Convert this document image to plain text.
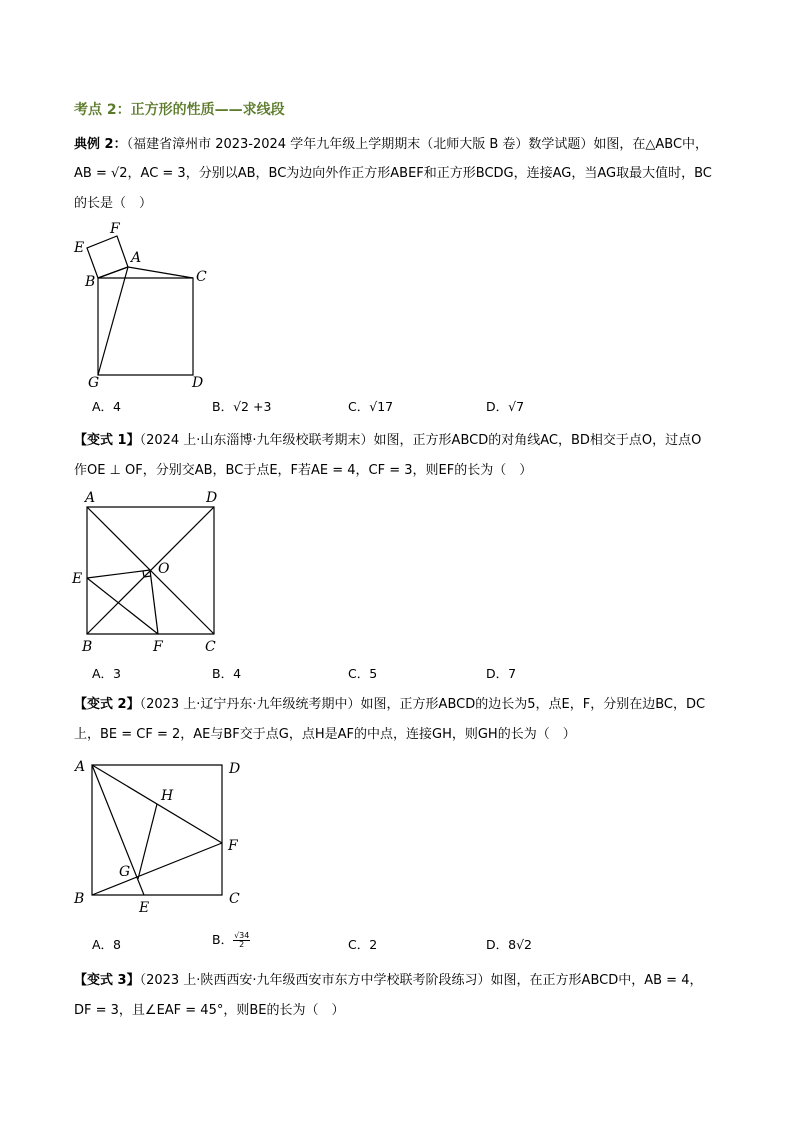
考点 2：正方形的性质——求线段
典例 2：（福建省漳州市 2023-2024 学年九年级上学期期末（北师大版 B 卷）数学试题）如图，在△ABC中，
AB = √2，AC = 3，分别以AB，BC为边向外作正方形ABEF和正方形BCDG，连接AG，当AG取最大值时，BC
的长是（　）
E
F
A
B	C
G	D
A．4	B．√2 +3	C．√17	D．√7
【变式 1】（2024 上·山东淄博·九年级校联考期末）如图，正方形ABCD的对角线AC，BD相交于点O，过点O
作OE ⊥ OF，分别交AB，BC于点E，F若AE = 4，CF = 3，则EF的长为（　）
A	D
O
E
B	F	C
A．3	B．4	C．5	D．7
【变式 2】（2023 上·辽宁丹东·九年级统考期中）如图，正方形ABCD的边长为5，点E，F，分别在边BC，DC
上，BE = CF = 2，AE与BF交于点G，点H是AF的中点，连接GH，则GH的长为（　）
A	D
H
F
G
B
E
C
A．8	B． $\frac{√34}{2}$	C．2	D．8√2
【变式 3】（2023 上·陕西西安·九年级西安市东方中学校联考阶段练习）如图，在正方形ABCD中，AB = 4，
DF = 3，且∠EAF = 45°，则BE的长为（　）
